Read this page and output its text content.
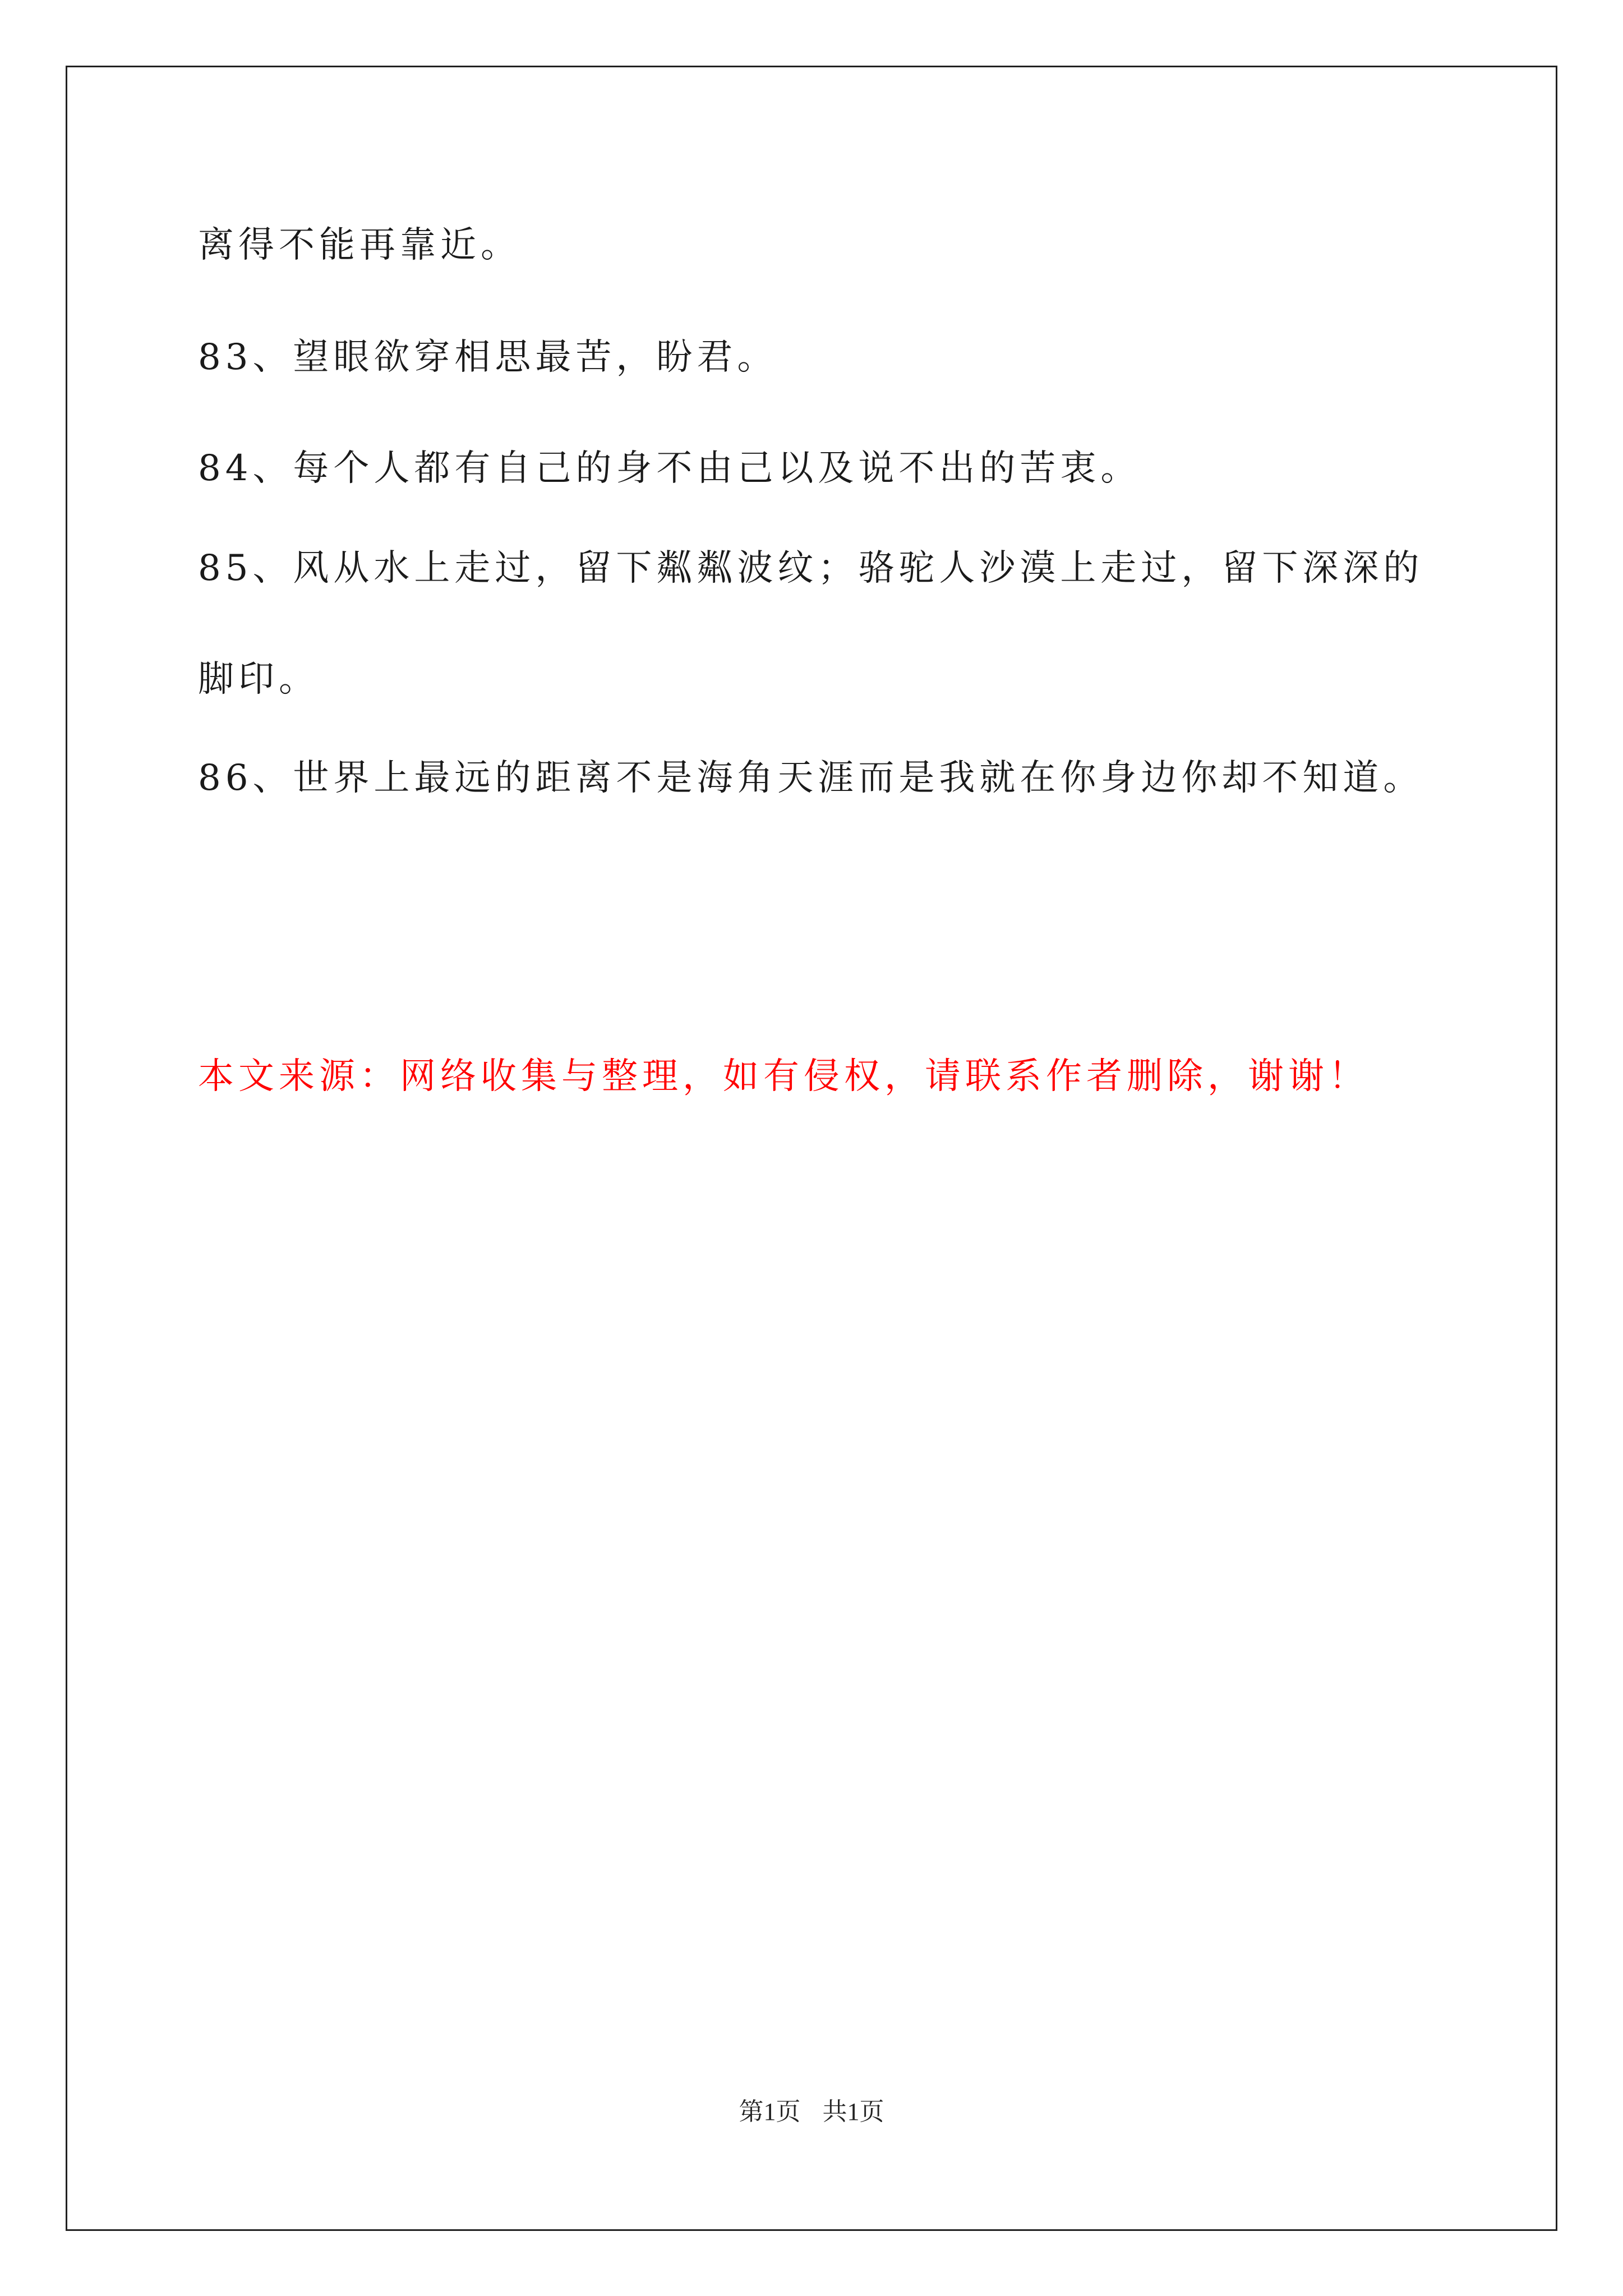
离得不能再靠近。

83、望眼欲穿相思最苦，盼君。

84、每个人都有自己的身不由己以及说不出的苦衷。

85、风从水上走过，留下粼粼波纹；骆驼人沙漠上走过，留下深深的

脚印。

86、世界上最远的距离不是海角天涯而是我就在你身边你却不知道。

本文来源：网络收集与整理，如有侵权，请联系作者删除，谢谢！

第1页 共1页
